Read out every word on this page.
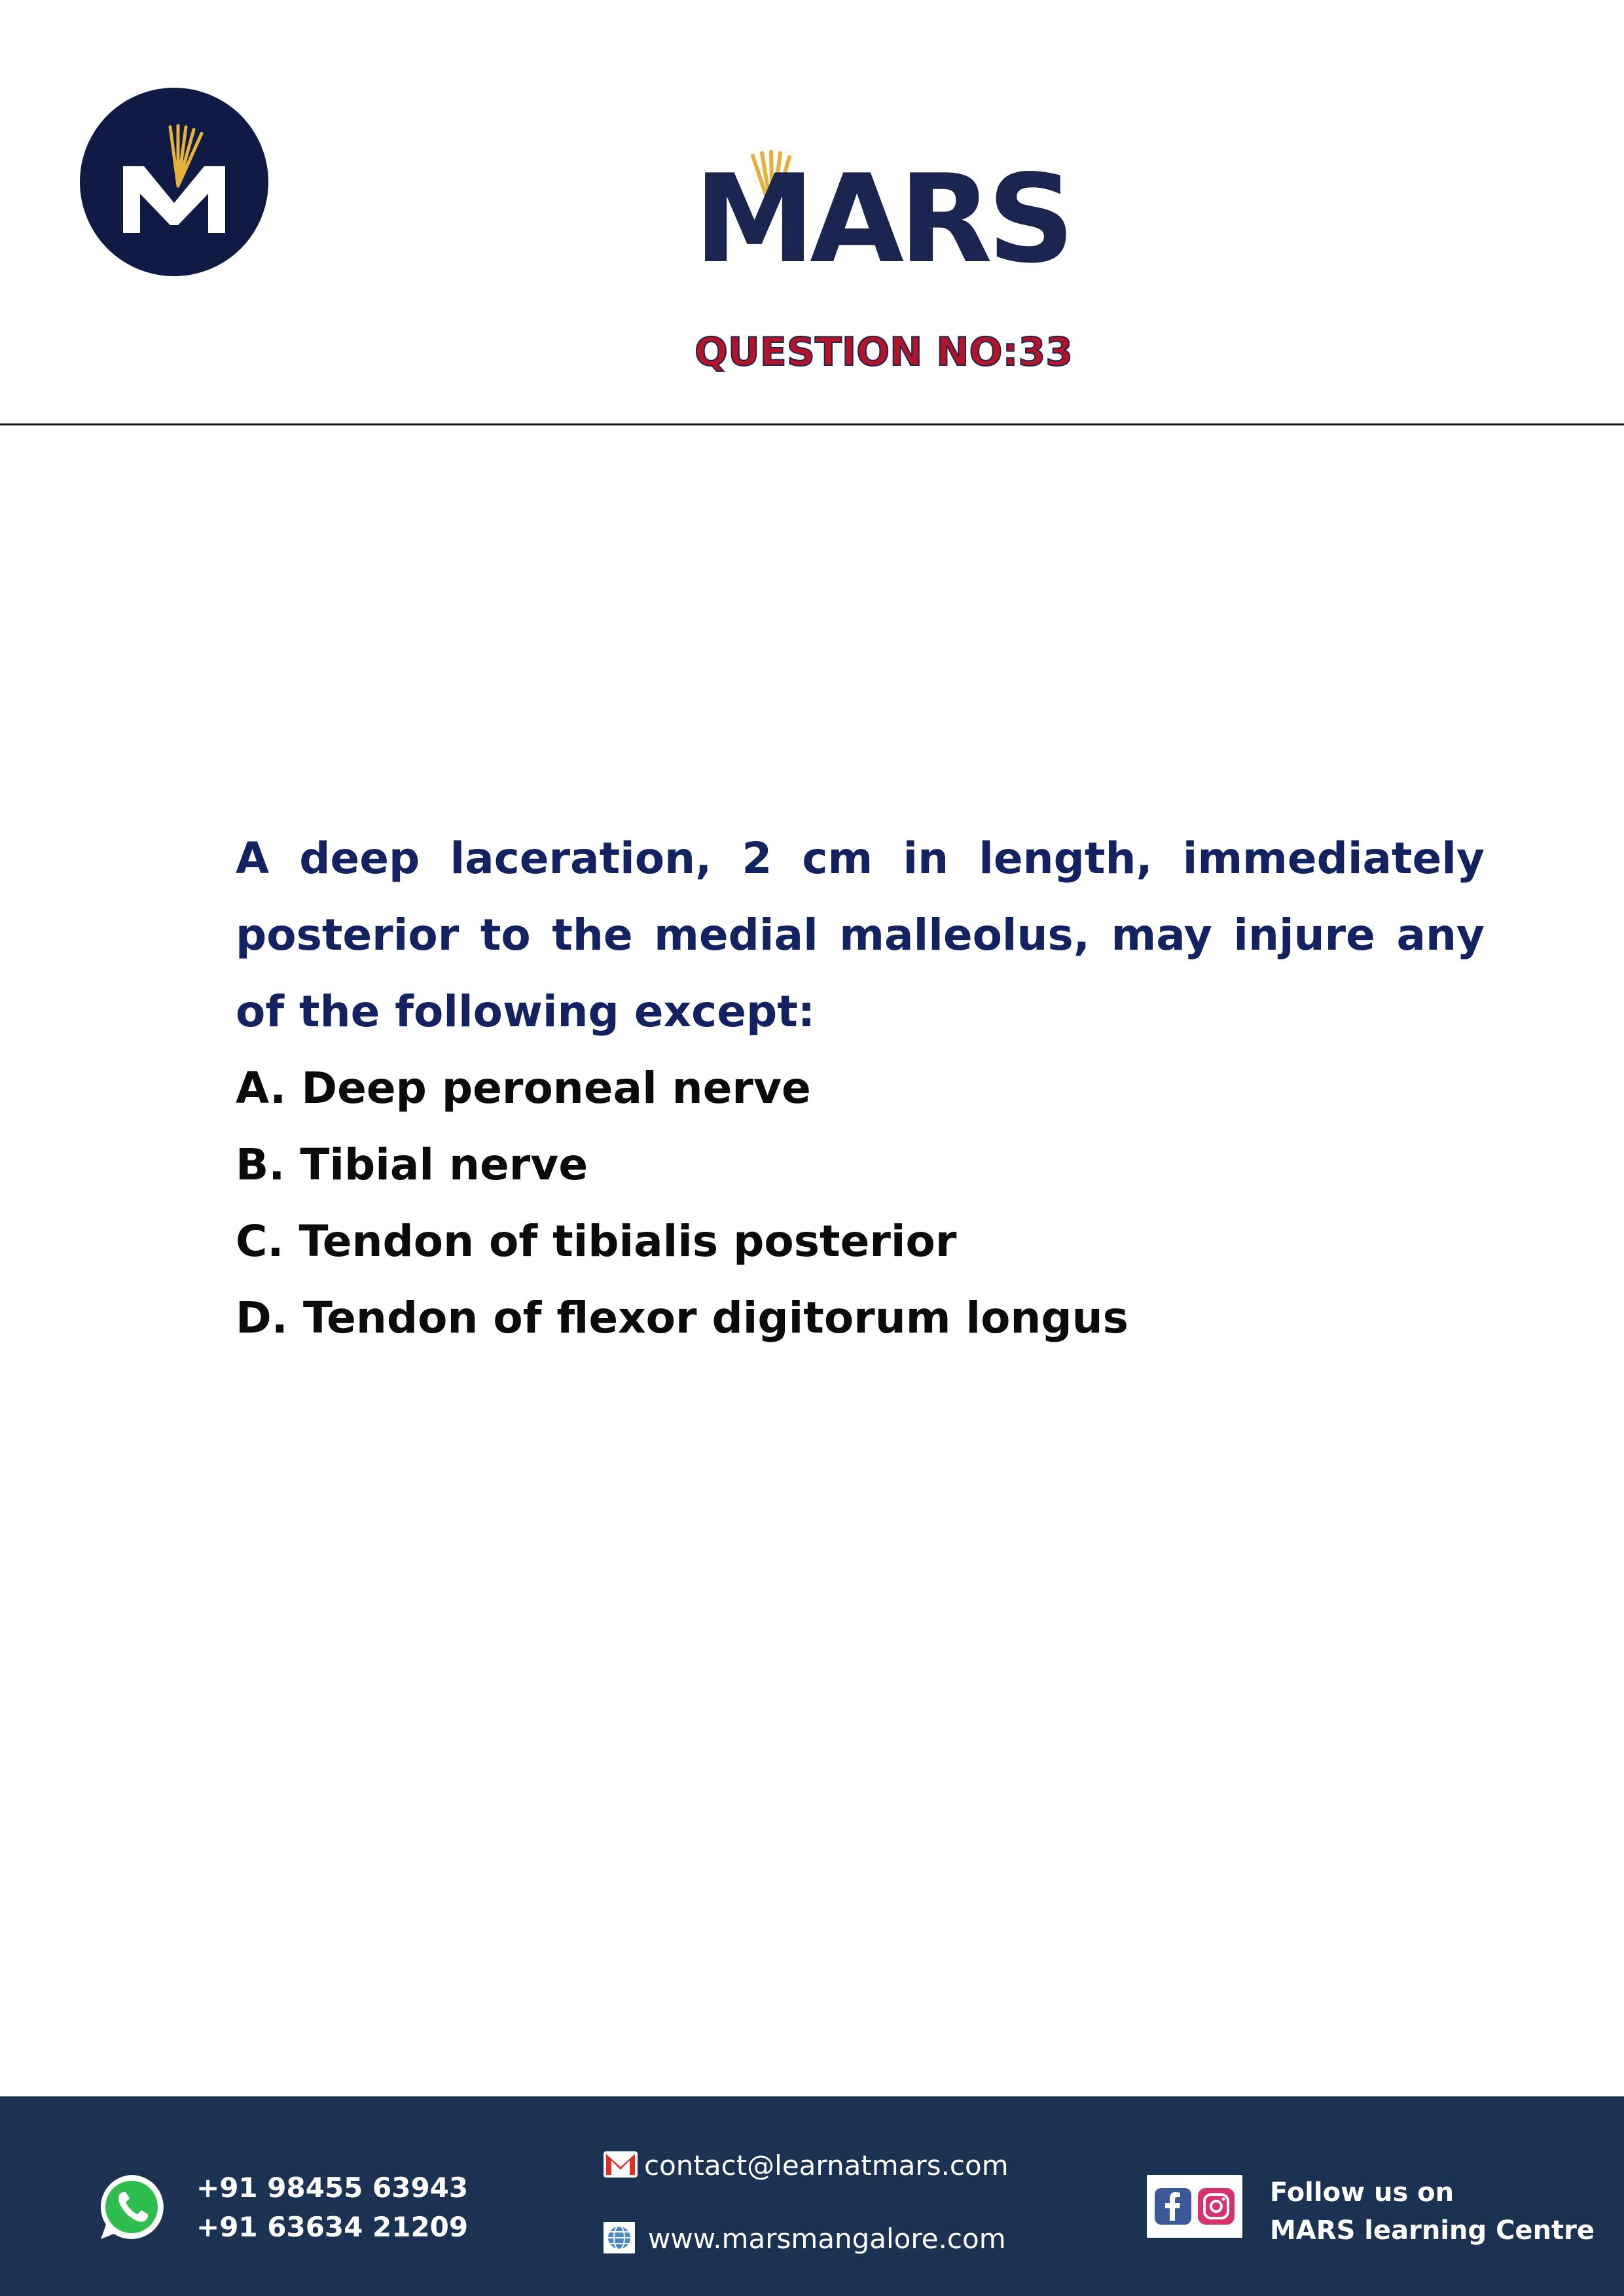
MARS
QUESTION NO:33

A deep laceration, 2 cm in length, immediately posterior to the medial malleolus, may injure any of the following except:

A. Deep peroneal nerve
B. Tibial nerve
C. Tendon of tibialis posterior
D. Tendon of flexor digitorum longus
+91 98455 63943
+91 63634 21209
contact@learnatmars.com
www.marsmangalore.com
Follow us on
MARS learning Centre
